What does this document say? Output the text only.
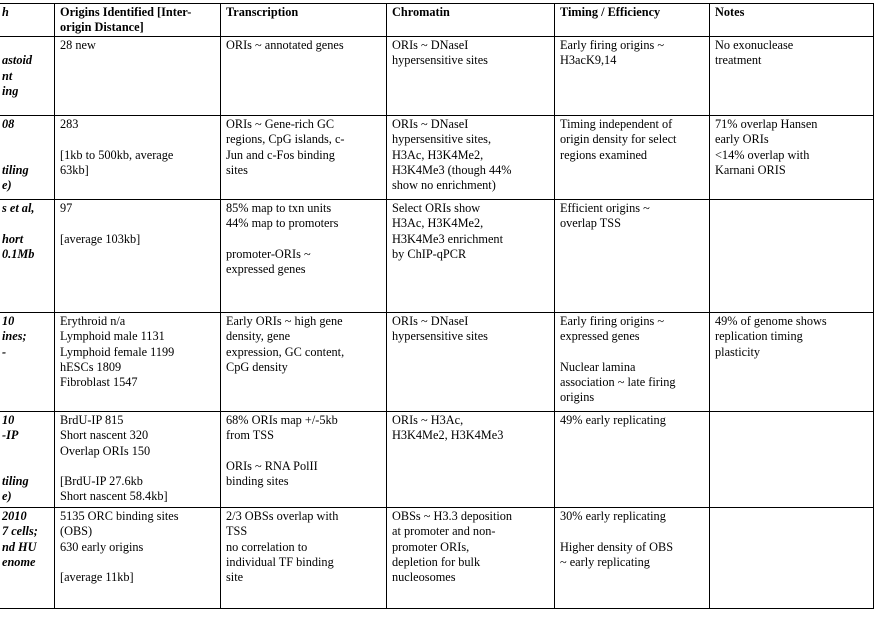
h	Origins Identified [Inter-origin Distance]	Transcription	Chromatin	Timing / Efficiency	Notes

astoid
nt
ing	28 new	ORIs ~ annotated genes	ORIs ~ DNaseI
hypersensitive sites	Early firing origins ~
H3acK9,14	No exonuclease
treatment

08
tiling
e)	283
[1kb to 500kb, average
63kb]	ORIs ~ Gene-rich GC
regions, CpG islands, c-
Jun and c-Fos binding
sites	ORIs ~ DNaseI
hypersensitive sites,
H3Ac, H3K4Me2,
H3K4Me3 (though 44%
show no enrichment)	Timing independent of
origin density for select
regions examined	71% overlap Hansen
early ORIs
<14% overlap with
Karnani ORIS

s et al,
hort
0.1Mb	97
[average 103kb]	85% map to txn units
44% map to promoters
promoter-ORIs ~
expressed genes	Select ORIs show
H3Ac, H3K4Me2,
H3K4Me3 enrichment
by ChIP-qPCR	Efficient origins ~
overlap TSS	

10
ines;
-	Erythroid n/a
Lymphoid male 1131
Lymphoid female 1199
hESCs 1809
Fibroblast 1547	Early ORIs ~ high gene
density, gene
expression, GC content,
CpG density	ORIs ~ DNaseI
hypersensitive sites	Early firing origins ~
expressed genes
Nuclear lamina
association ~ late firing
origins	49% of genome shows
replication timing
plasticity

10
-IP
tiling
e)	BrdU-IP 815
Short nascent 320
Overlap ORIs 150
[BrdU-IP 27.6kb
Short nascent 58.4kb]	68% ORIs map +/-5kb
from TSS
ORIs ~ RNA PolII
binding sites	ORIs ~ H3Ac,
H3K4Me2, H3K4Me3	49% early replicating	

2010
7 cells;
nd HU
enome	5135 ORC binding sites
(OBS)
630 early origins
[average 11kb]	2/3 OBSs overlap with
TSS
no correlation to
individual TF binding
site	OBSs ~ H3.3 deposition
at promoter and non-
promoter ORIs,
depletion for bulk
nucleosomes	30% early replicating
Higher density of OBS
~ early replicating	
